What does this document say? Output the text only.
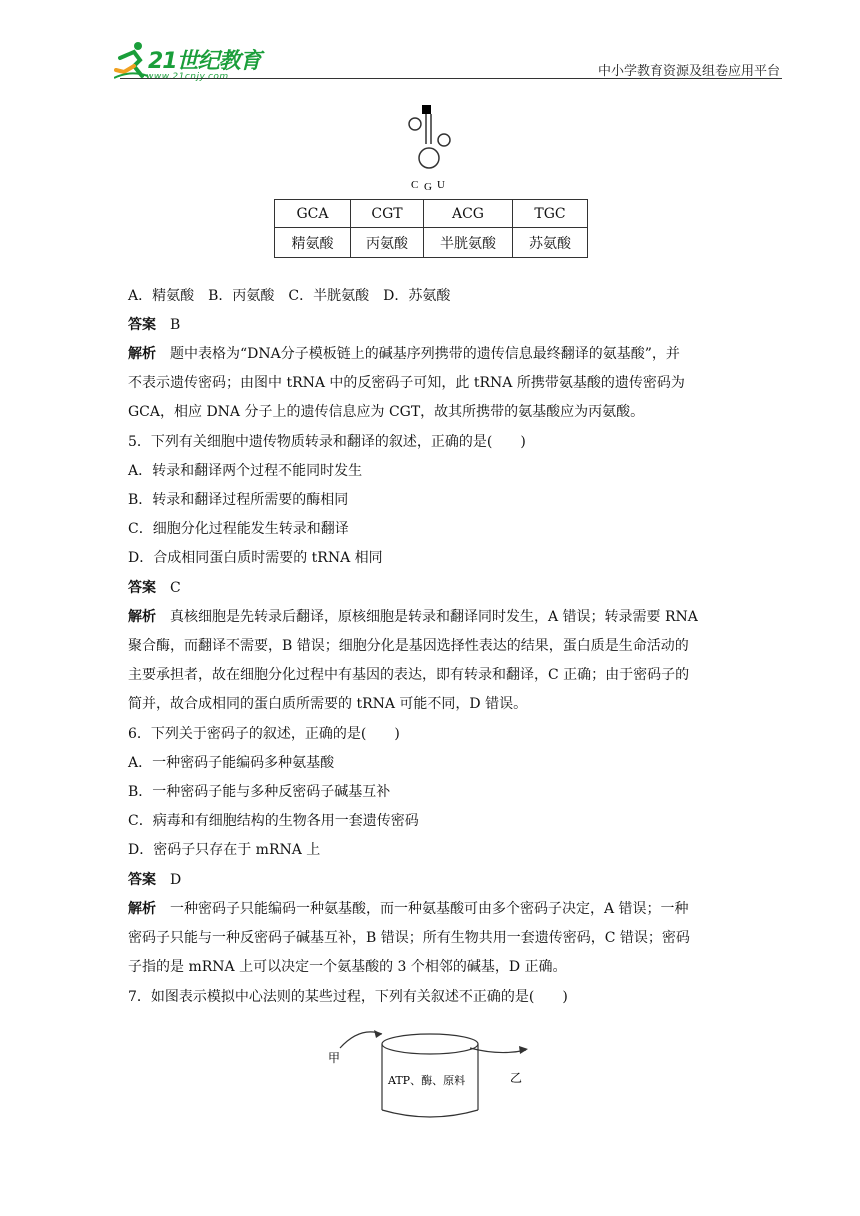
21世纪教育
www.21cnjy.com	中小学教育资源及组卷应用平台
C G U
GCA	CGT	ACG	TGC
精氨酸	丙氨酸	半胱氨酸	苏氨酸
A．精氨酸　B．丙氨酸　C．半胱氨酸　D．苏氨酸
答案　 B
解析　 题中表格为“DNA分子模板链上的碱基序列携带的遗传信息最终翻译的氨基酸”，并
不表示遗传密码；由图中 tRNA 中的反密码子可知，此 tRNA 所携带氨基酸的遗传密码为
GCA，相应 DNA 分子上的遗传信息应为 CGT，故其所携带的氨基酸应为丙氨酸。
5．下列有关细胞中遗传物质转录和翻译的叙述，正确的是(　　)
A．转录和翻译两个过程不能同时发生
B．转录和翻译过程所需要的酶相同
C．细胞分化过程能发生转录和翻译
D．合成相同蛋白质时需要的 tRNA 相同
答案　 C
解析　 真核细胞是先转录后翻译，原核细胞是转录和翻译同时发生，A 错误；转录需要 RNA
聚合酶，而翻译不需要，B 错误；细胞分化是基因选择性表达的结果，蛋白质是生命活动的
主要承担者，故在细胞分化过程中有基因的表达，即有转录和翻译，C 正确；由于密码子的
简并，故合成相同的蛋白质所需要的 tRNA 可能不同，D 错误。
6．下列关于密码子的叙述，正确的是(　　)
A．一种密码子能编码多种氨基酸
B．一种密码子能与多种反密码子碱基互补
C．病毒和有细胞结构的生物各用一套遗传密码
D．密码子只存在于 mRNA 上
答案　 D
解析　 一种密码子只能编码一种氨基酸，而一种氨基酸可由多个密码子决定，A 错误；一种
密码子只能与一种反密码子碱基互补，B 错误；所有生物共用一套遗传密码，C 错误；密码
子指的是 mRNA 上可以决定一个氨基酸的 3 个相邻的碱基，D 正确。
7．如图表示模拟中心法则的某些过程，下列有关叙述不正确的是(　　)
甲
乙
ATP、酶、原料
